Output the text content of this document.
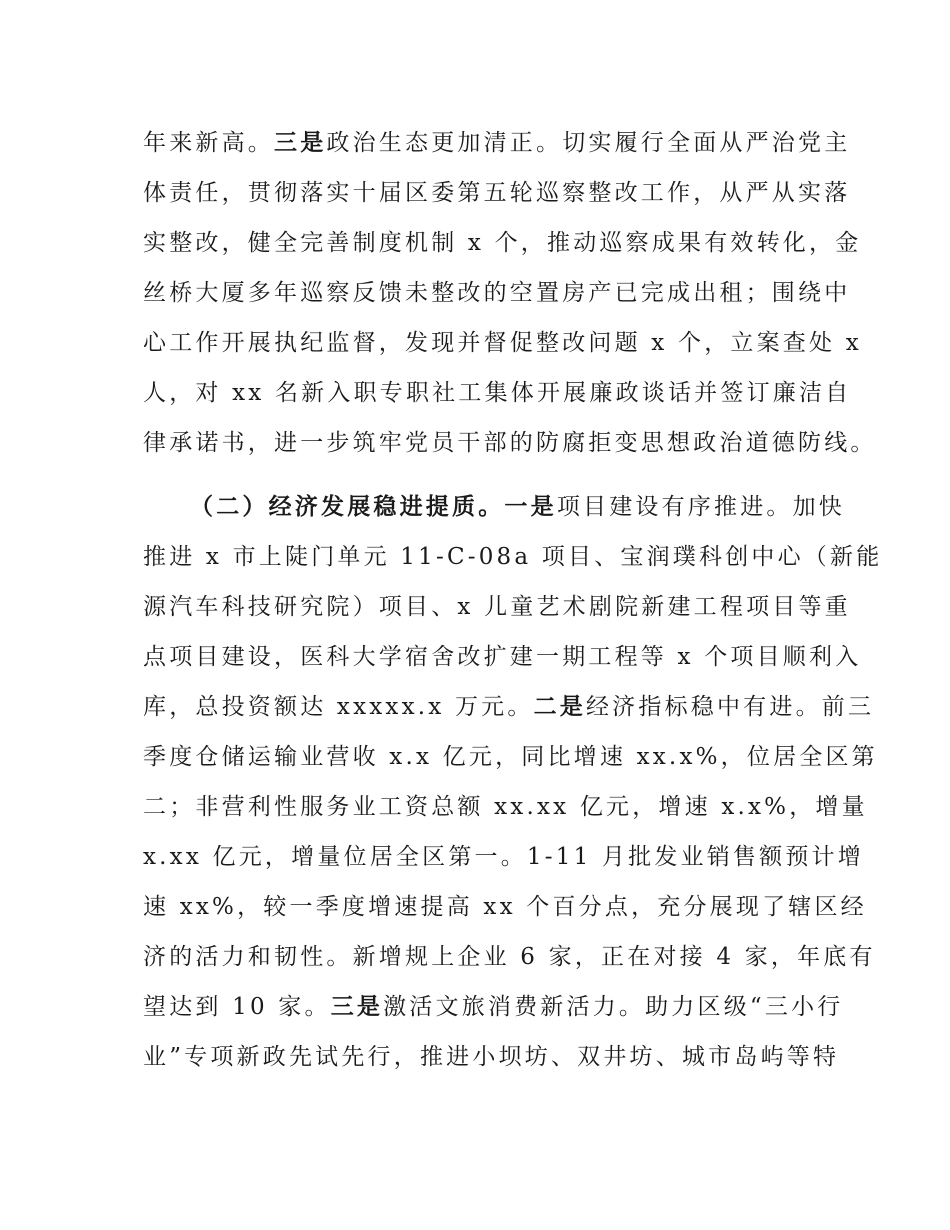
年来新高。三是政治生态更加清正。切实履行全面从严治党主
体责任，贯彻落实十届区委第五轮巡察整改工作，从严从实落
实整改，健全完善制度机制 x 个，推动巡察成果有效转化，金
丝桥大厦多年巡察反馈未整改的空置房产已完成出租；围绕中
心工作开展执纪监督，发现并督促整改问题 x 个，立案查处 x
人，对 xx 名新入职专职社工集体开展廉政谈话并签订廉洁自
律承诺书，进一步筑牢党员干部的防腐拒变思想政治道德防线。
（二）经济发展稳进提质。一是项目建设有序推进。加快
推进 x 市上陡门单元 11-C-08a 项目、宝润璞科创中心（新能
源汽车科技研究院）项目、x 儿童艺术剧院新建工程项目等重
点项目建设，医科大学宿舍改扩建一期工程等 x 个项目顺利入
库，总投资额达 xxxxx.x 万元。二是经济指标稳中有进。前三
季度仓储运输业营收 x.x 亿元，同比增速 xx.x%，位居全区第
二；非营利性服务业工资总额 xx.xx 亿元，增速 x.x%，增量
x.xx 亿元，增量位居全区第一。1-11 月批发业销售额预计增
速 xx%，较一季度增速提高 xx 个百分点，充分展现了辖区经
济的活力和韧性。新增规上企业 6 家，正在对接 4 家，年底有
望达到 10 家。三是激活文旅消费新活力。助力区级“三小行
业”专项新政先试先行，推进小坝坊、双井坊、城市岛屿等特
